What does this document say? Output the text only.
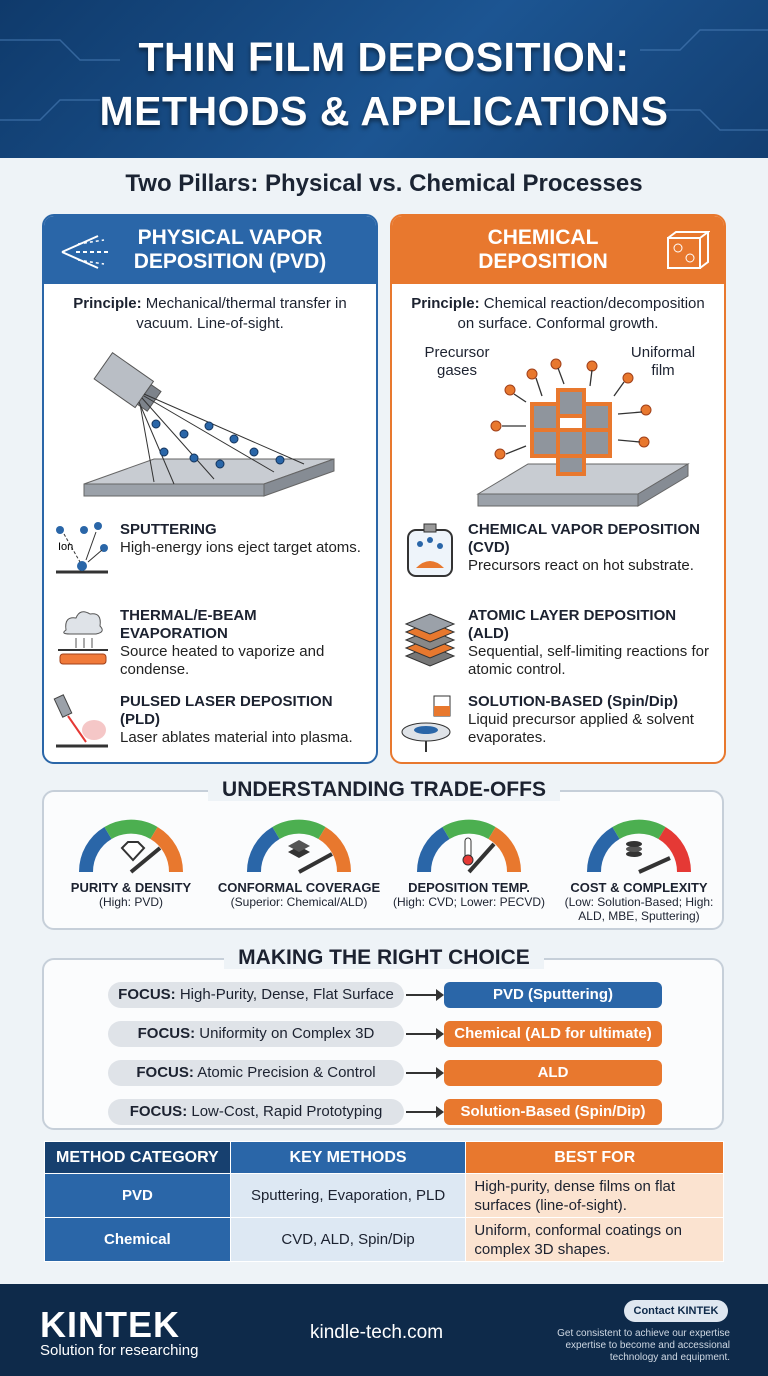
THIN FILM DEPOSITION:
METHODS & APPLICATIONS
Two Pillars: Physical vs. Chemical Processes
PHYSICAL VAPOR
DEPOSITION (PVD)
Principle: Mechanical/thermal transfer in vacuum. Line-of-sight.
Ion
SPUTTERING
High-energy ions eject target atoms.
THERMAL/E-BEAM EVAPORATION
Source heated to vaporize and condense.
PULSED LASER DEPOSITION (PLD)
Laser ablates material into plasma.
CHEMICAL
DEPOSITION
Principle: Chemical reaction/decomposition on surface. Conformal growth.
Precursor gases
Uniformal film
CHEMICAL VAPOR DEPOSITION (CVD)
Precursors react on hot substrate.
ATOMIC LAYER DEPOSITION (ALD)
Sequential, self-limiting reactions for atomic control.
SOLUTION-BASED (Spin/Dip)
Liquid precursor applied & solvent evaporates.
UNDERSTANDING TRADE-OFFS
PURITY & DENSITY
(High: PVD)
CONFORMAL COVERAGE
(Superior: Chemical/ALD)
DEPOSITION TEMP.
(High: CVD; Lower: PECVD)
COST & COMPLEXITY
(Low: Solution-Based; High: ALD, MBE, Sputtering)
MAKING THE RIGHT CHOICE
FOCUS: High-Purity, Dense, Flat Surface	PVD (Sputtering)
FOCUS: Uniformity on Complex 3D	Chemical (ALD for ultimate)
FOCUS: Atomic Precision & Control	ALD
FOCUS: Low-Cost, Rapid Prototyping	Solution-Based (Spin/Dip)
METHOD CATEGORY	KEY METHODS	BEST FOR
PVD	Sputtering, Evaporation, PLD	High-purity, dense films on flat surfaces (line-of-sight).
Chemical	CVD, ALD, Spin/Dip	Uniform, conformal coatings on complex 3D shapes.
KINTEK
Solution for researching
kindle-tech.com
Contact KINTEK
Get consistent to achieve our expertise expertise to become and accessional technology and equipment.
